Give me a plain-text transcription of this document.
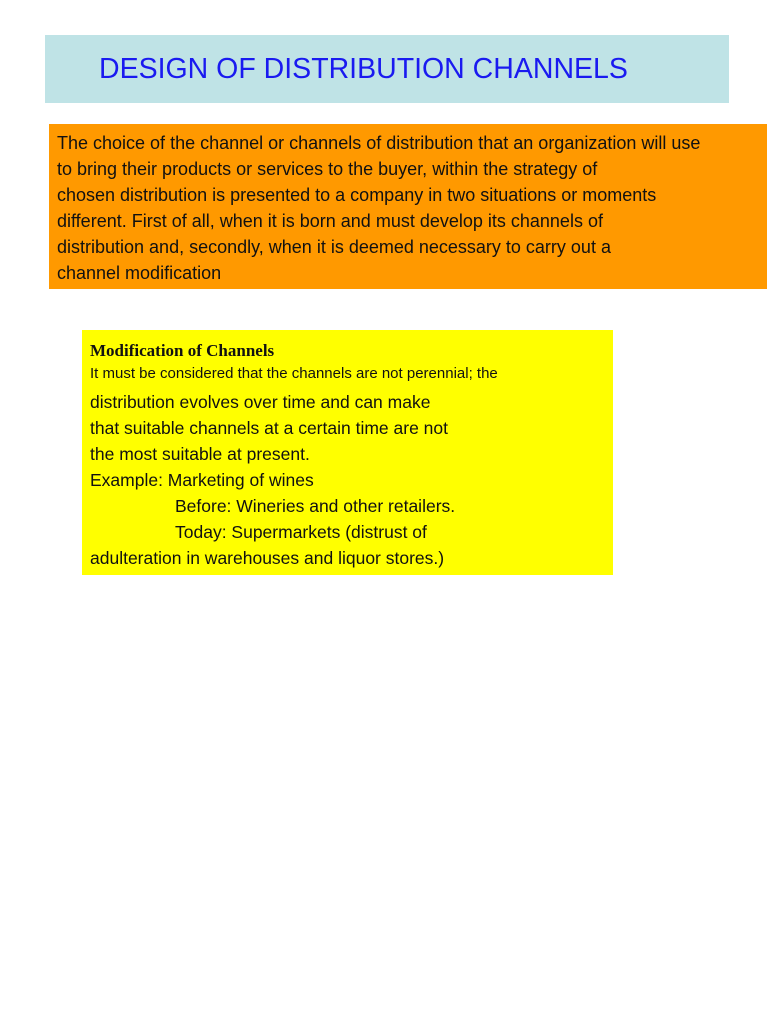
DESIGN OF DISTRIBUTION CHANNELS

The choice of the channel or channels of distribution that an organization will use
to bring their products or services to the buyer, within the strategy of
chosen distribution is presented to a company in two situations or moments
different. First of all, when it is born and must develop its channels of
distribution and, secondly, when it is deemed necessary to carry out a
channel modification

Modification of Channels

It must be considered that the channels are not perennial; the

distribution evolves over time and can make
that suitable channels at a certain time are not
the most suitable at present.
Example: Marketing of wines
Before: Wineries and other retailers.
Today: Supermarkets (distrust of
adulteration in warehouses and liquor stores.)
